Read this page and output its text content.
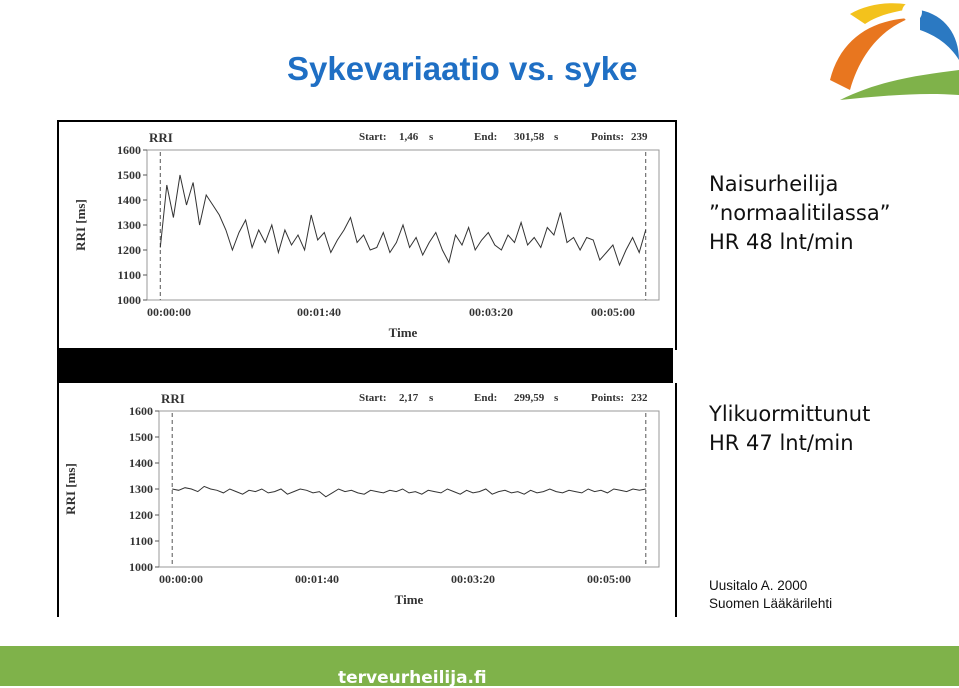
Sykevariaatio vs. syke
1600
1500
1400
1300
1200
1100
1000
00:00:00	00:01:40	00:03:20	00:05:00
RRI [ms]
Time
RRI	Start: 1,46 s	End: 301,58 s	Points: 239
1600
1500
1400
1300
1200
1100
1000
00:00:00	00:01:40	00:03:20	00:05:00
RRI [ms]
Time
RRI	Start: 2,17 s	End: 299,59 s	Points: 232
Naisurheilija
”normaalitilassa”
HR 48 lnt/min
Ylikuormittunut
HR 47 lnt/min
Uusitalo A. 2000
Suomen Lääkärilehti
terveurheilija.fi
